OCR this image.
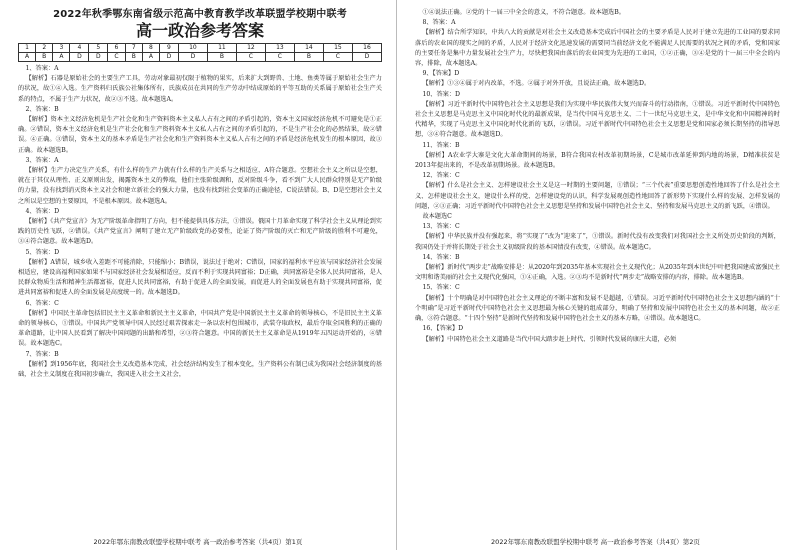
2022年秋季鄂东南省级示范高中教育教学改革联盟学校期中联考
高一政治参考答案
1	2	3	4	5	6	7	8	9	10	11	12	13	14	15	16
A	B	A	D	D	C	B	A	D	D	B	C	C	B	C	D

1、答案：A

【解析】石器是原始社会的主要生产工具，劳动对象最初仅限于植物的果实，后来扩大到野兽、土地、鱼类等属于原始社会生产力的状况，故①④入选。生产资料归氏族公社集体所有，氏族成员在共同的生产劳动中结成原始的平等互助的关系属于原始社会生产关系的特点，不属于生产力状况，故②③不选。故本题选A。

2、答案：B

【解析】资本主义经济危机是生产社会化和生产资料资本主义私人占有之间的矛盾引起的，资本主义国家经济危机不可避免是①正确。②错误，资本主义经济危机是生产社会化和生产资料资本主义私人占有之间的矛盾引起的，不是生产社会化的必然结果，故②错误。④正确。③错误，资本主义的基本矛盾是生产社会化和生产资料资本主义私人占有之间的矛盾是经济危机发生的根本原因，故③正确。故本题选B。

3、答案：A

【解析】生产力决定生产关系，有什么样的生产力就有什么样的生产关系与之相适应，A符合题意。空想社会主义之所以是空想，就在于其仅从理性、正义原则出发，揭露资本主义的弊端，他们主张阶级调和，反对阶级斗争，看不到广大人民群众特别是无产阶级的力量，没有找到消灭资本主义社会和建立新社会的强大力量，也没有找到社会变革的正确途径，C说法错误。B、D是空想社会主义之所以是空想的主要原因，不是根本原因。故本题选A。

4、答案：D

【解析】《共产党宣言》为无产阶级革命指明了方向，但不能提供具体方法，①错误。俄国十月革命实现了科学社会主义从理论到实践的历史性飞跃，②错误。《共产党宣言》阐明了建立无产阶级政党的必要性，论证了资产阶级的灭亡和无产阶级的胜利不可避免，③④符合题意。故本题选D。

5、答案：D

【解析】A错误，城乡收入差距不可能消除，只能缩小；B错误，说法过于绝对；C错误，国家的福利水平应该与国家经济社会发展相适应，建设高福利国家如果不与国家经济社会发展相适应，反而不利于实现共同富裕；D正确，共同富裕是全体人民共同富裕，是人民群众物质生活和精神生活都富裕，促进人民共同富裕，有助于促进人的全面发展，而促进人的全面发展也有助于实现共同富裕，促进共同富裕和促进人的全面发展是高度统一的。故本题选D。

6、答案：C

【解析】中国民主革命包括旧民主主义革命和新民主主义革命，中国共产党是中国新民主主义革命的领导核心，不是旧民主主义革命的领导核心，①错误。中国共产党领导中国人民经过艰苦探索走一条以农村包围城市，武装夺取政权，最后夺取全国胜利的正确的革命道路，让中国人民看到了解决中国问题的出路和希望，②③符合题意。中国的新民主主义革命是从1919年五四运动开始的，④错误。故本题选C。

7、答案：B

【解析】到1956年底，我国社会主义改造基本完成，社会经济结构发生了根本变化，生产资料公有制已成为我国社会经济制度的基础，社会主义制度在我国初步确立，我国进入社会主义社会，

2022年鄂东南教改联盟学校期中联考 高一政治参考答案（共4页）第1页

①④说法正确。②党的十一届三中全会的意义，不符合题意。故本题选B。

8、答案：A

【解析】结合所学知识，中共八大的贡献是对社会主义改造基本完成后中国社会的主要矛盾是人民对于建立先进的工业国的要求同落后的农业国的现实之间的矛盾，人民对于经济文化迅速发展的需要同当前经济文化不能满足人民需要的状况之间的矛盾，党和国家的主要任务是集中力量发展社会生产力，尽快把我国由落后的农业国变为先进的工业国，①②正确，③④是党的十一届三中全会的内容，排除，故本题选A。

9、【答案】D

【解析】①③④属于对内改革，不选。②属于对外开放，且说法正确，故本题选D。

10、答案：D

【解析】习近平新时代中国特色社会主义思想是我们为实现中华民族伟大复兴而奋斗的行动指南，①错误。习近平新时代中国特色社会主义思想是马克思主义中国化时代化的最新成果，是当代中国马克思主义、二十一世纪马克思主义，是中华文化和中国精神的时代精华，实现了马克思主义中国化时代化新的飞跃，②错误。习近平新时代中国特色社会主义思想是党和国家必须长期坚持的指导思想，③④符合题意。故本题选D。

11、答案：B

【解析】A农业学大寨是文化大革命期间的场景，B符合我国农村改革初期场景，C是城市改革延伸到内地的场景，D精准扶贫是2013年提出来的，不是改革初期场景。故本题选B。

12、答案：C

【解析】什么是社会主义、怎样建设社会主义是这一时期的主要问题，①错误；“三个代表”重要思想创造性地回答了什么是社会主义、怎样建设社会主义，建设什么样的党、怎样建设党的认识，科学发展观创造性地回答了新形势下实现什么样的发展、怎样发展的问题，②③正确；习近平新时代中国特色社会主义思想是坚持和发展中国特色社会主义、坚持和发展马克思主义的新飞跃，④错误。

故本题选C

13、答案：C

【解析】中华民族并没有强起来，将“实现了”改为“迎来了”，①错误。新时代没有改变我们对我国社会主义所处历史阶段的判断，我国仍处于并将长期处于社会主义初级阶段的基本国情没有改变，④错误。故本题选C。

14、答案：B

【解析】新时代“两步走”战略安排是：从2020年到2035年基本实现社会主义现代化；从2035年到本世纪中叶把我国建成富强民主文明和谐美丽的社会主义现代化强国，①④正确，入选。②③均不是新时代“两步走”战略安排的内容，排除。故本题选B。

15、答案：C

【解析】十个明确是对中国特色社会主义理论的不断丰富和发展不是超越，①错误。习近平新时代中国特色社会主义思想内涵的“十个明确”是习近平新时代中国特色社会主义思想最为核心关键的组成部分，明确了坚持和发展中国特色社会主义的基本问题，故②正确，③符合题意。“十四个坚持”是新时代坚持和发展中国特色社会主义的基本方略，④错误。故本题选C。

16、【答案】D

【解析】中国特色社会主义道路是当代中国大踏步赶上时代、引领时代发展的康庄大道，必须

2022年鄂东南教改联盟学校期中联考 高一政治参考答案（共4页）第2页
